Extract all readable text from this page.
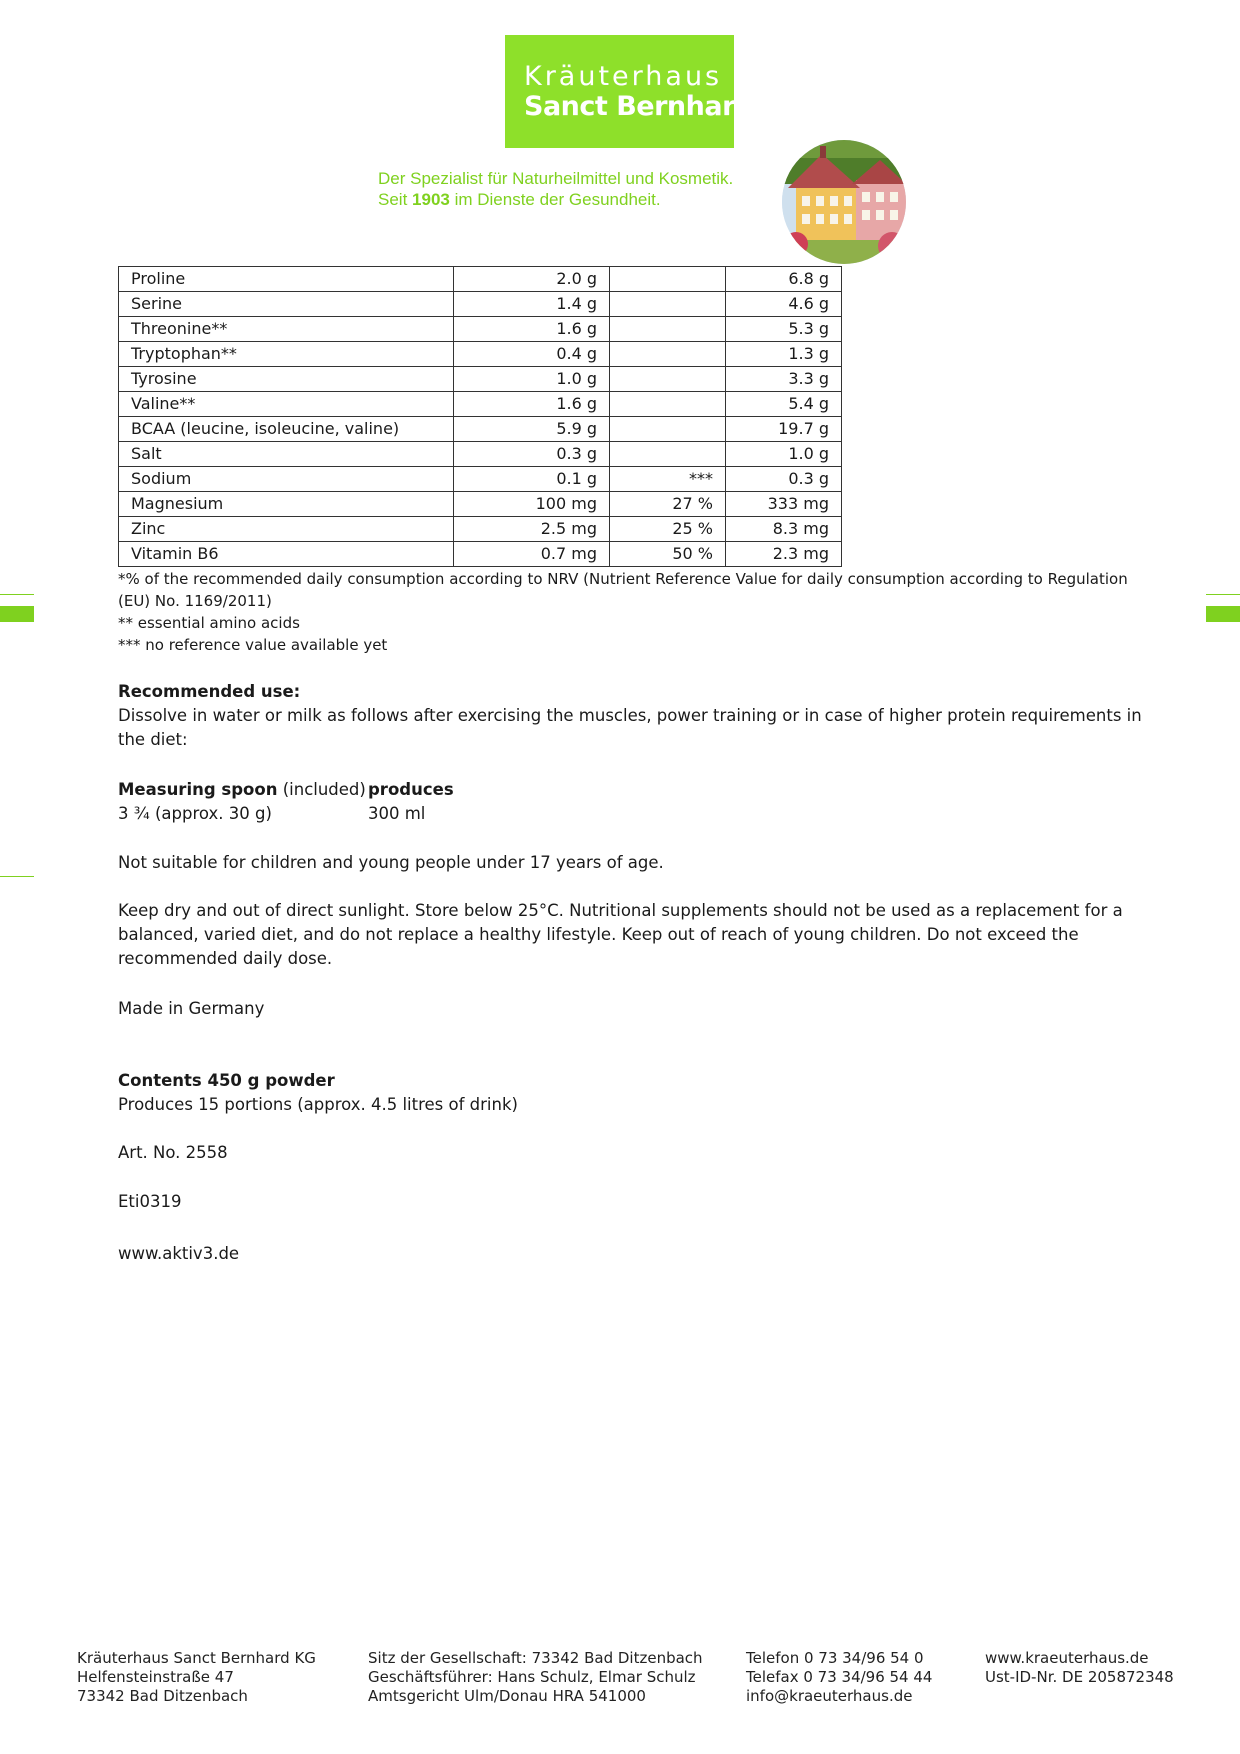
Kräuterhaus
Sanct Bernhard
Der Spezialist für Naturheilmittel und Kosmetik.
Seit 1903 im Dienste der Gesundheit.
Proline	2.0 g		6.8 g
Serine	1.4 g		4.6 g
Threonine**	1.6 g		5.3 g
Tryptophan**	0.4 g		1.3 g
Tyrosine	1.0 g		3.3 g
Valine**	1.6 g		5.4 g
BCAA (leucine, isoleucine, valine)	5.9 g		19.7 g
Salt	0.3 g		1.0 g
Sodium	0.1 g	***	0.3 g
Magnesium	100 mg	27 %	333 mg
Zinc	2.5 mg	25 %	8.3 mg
Vitamin B6	0.7 mg	50 %	2.3 mg
*% of the recommended daily consumption according to NRV (Nutrient Reference Value for daily consumption according to Regulation
(EU) No. 1169/2011)
** essential amino acids
*** no reference value available yet
Recommended use:
Dissolve in water or milk as follows after exercising the muscles, power training or in case of higher protein requirements in
the diet:
Measuring spoon (included) produces
3 ¾ (approx. 30 g)	300 ml
Not suitable for children and young people under 17 years of age.
Keep dry and out of direct sunlight. Store below 25°C. Nutritional supplements should not be used as a replacement for a
balanced, varied diet, and do not replace a healthy lifestyle. Keep out of reach of young children. Do not exceed the
recommended daily dose.
Made in Germany
Contents 450 g powder
Produces 15 portions (approx. 4.5 litres of drink)
Art. No. 2558
Eti0319
www.aktiv3.de
Kräuterhaus Sanct Bernhard KG
Helfensteinstraße 47
73342 Bad Ditzenbach
Sitz der Gesellschaft: 73342 Bad Ditzenbach
Geschäftsführer: Hans Schulz, Elmar Schulz
Amtsgericht Ulm/Donau HRA 541000
Telefon 0 73 34/96 54 0
Telefax 0 73 34/96 54 44
info@kraeuterhaus.de
www.kraeuterhaus.de
Ust-ID-Nr. DE 205872348
